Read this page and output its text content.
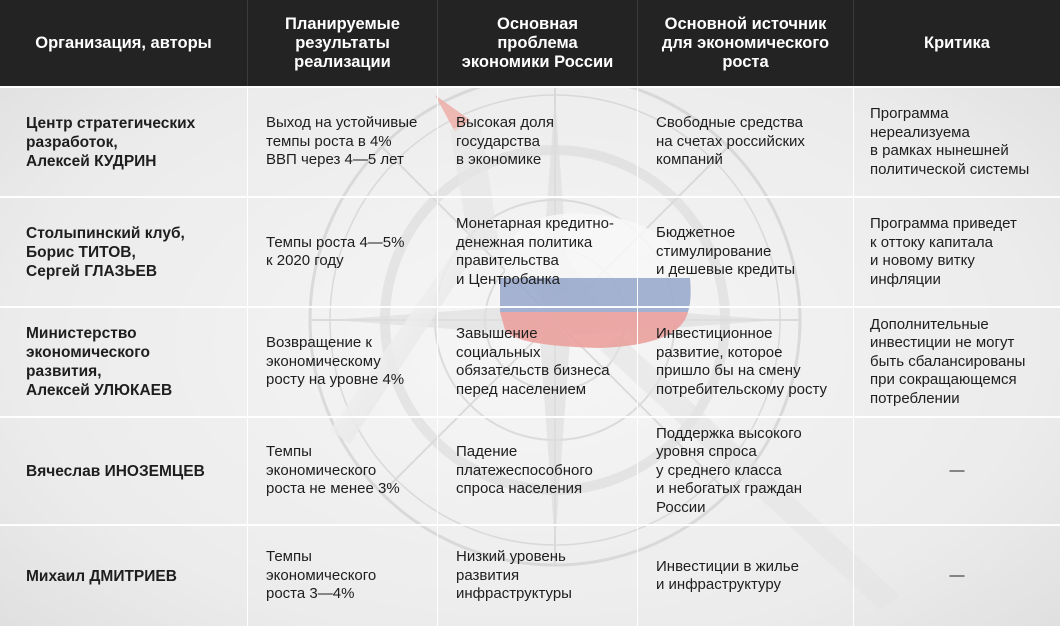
Организация, авторы	Планируемые
результаты
реализации	Основная
проблема
экономики России	Основной источник
для экономического
роста	Критика

Центр стратегических
разработок,
Алексей КУДРИН	Выход на устойчивые
темпы роста в 4%
ВВП через 4—5 лет	Высокая доля
государства
в экономике	Свободные средства
на счетах российских
компаний	Программа
нереализуема
в рамках нынешней
политической системы

Столыпинский клуб,
Борис ТИТОВ,
Сергей ГЛАЗЬЕВ	Темпы роста 4—5%
к 2020 году	Монетарная кредитно-
денежная политика
правительства
и Центробанка	Бюджетное
стимулирование
и дешевые кредиты	Программа приведет
к оттоку капитала
и новому витку
инфляции

Министерство
экономического
развития,
Алексей УЛЮКАЕВ	Возвращение к
экономическому
росту на уровне 4%	Завышение
социальных
обязательств бизнеса
перед населением	Инвестиционное
развитие, которое
пришло бы на смену
потребительскому росту	Дополнительные
инвестиции не могут
быть сбалансированы
при сокращающемся
потреблении

Вячеслав ИНОЗЕМЦЕВ	Темпы
экономического
роста не менее 3%	Падение
платежеспособного
спроса населения	Поддержка высокого
уровня спроса
у среднего класса
и небогатых граждан
России	—

Михаил ДМИТРИЕВ	Темпы
экономического
роста 3—4%	Низкий уровень
развития
инфраструктуры	Инвестиции в жилье
и инфраструктуру	—
